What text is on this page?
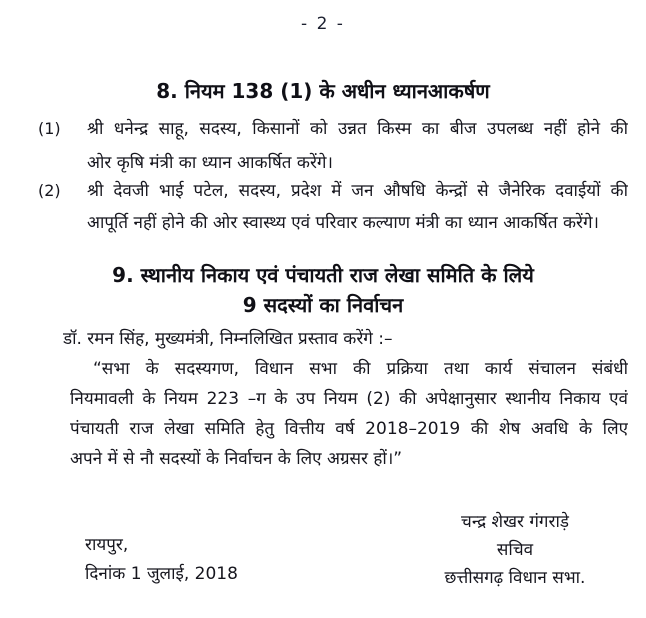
- 2 -
8. नियम 138 (1) के अधीन ध्यानआकर्षण
(1) श्री धनेन्द्र साहू, सदस्य, किसानों को उन्नत किस्म का बीज उपलब्ध नहीं होने की
ओर कृषि मंत्री का ध्यान आकर्षित करेंगे।
(2) श्री देवजी भाई पटेल, सदस्य, प्रदेश में जन औषधि केन्द्रों से जैनेरिक दवाईयों की
आपूर्ति नहीं होने की ओर स्वास्थ्य एवं परिवार कल्याण मंत्री का ध्यान आकर्षित करेंगे।
9. स्थानीय निकाय एवं पंचायती राज लेखा समिति के लिये
9 सदस्यों का निर्वाचन
डॉ. रमन सिंह, मुख्यमंत्री, निम्नलिखित प्रस्ताव करेंगे :–
“सभा के सदस्यगण, विधान सभा की प्रक्रिया तथा कार्य संचालन संबंधी
नियमावली के नियम 223 –ग के उप नियम (2) की अपेक्षानुसार स्थानीय निकाय एवं
पंचायती राज लेखा समिति हेतु वित्तीय वर्ष 2018–2019 की शेष अवधि के लिए
अपने में से नौ सदस्यों के निर्वाचन के लिए अग्रसर हों।”
रायपुर,
दिनांक 1 जुलाई, 2018
चन्द्र शेखर गंगराड़े
सचिव
छत्तीसगढ़ विधान सभा.
